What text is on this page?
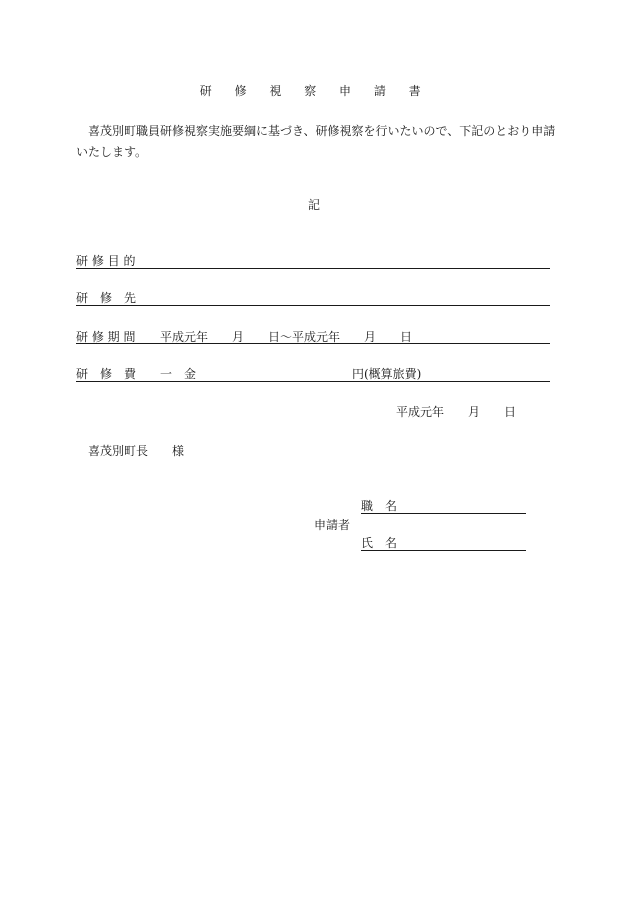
研 修 視 察 申 請 書
喜茂別町職員研修視察実施要綱に基づき、研修視察を行いたいので、下記のとおり申請
いたします。
記
研 修 目 的
研　修　先
研 修 期 間 平成元年　　月　　日～平成元年　　月　　日
研　修　費 一　金　　　　　　　　　　　　　円(概算旅費)
平成元年　　月　　日
喜茂別町長　　様
職　名
申請者
氏　名
